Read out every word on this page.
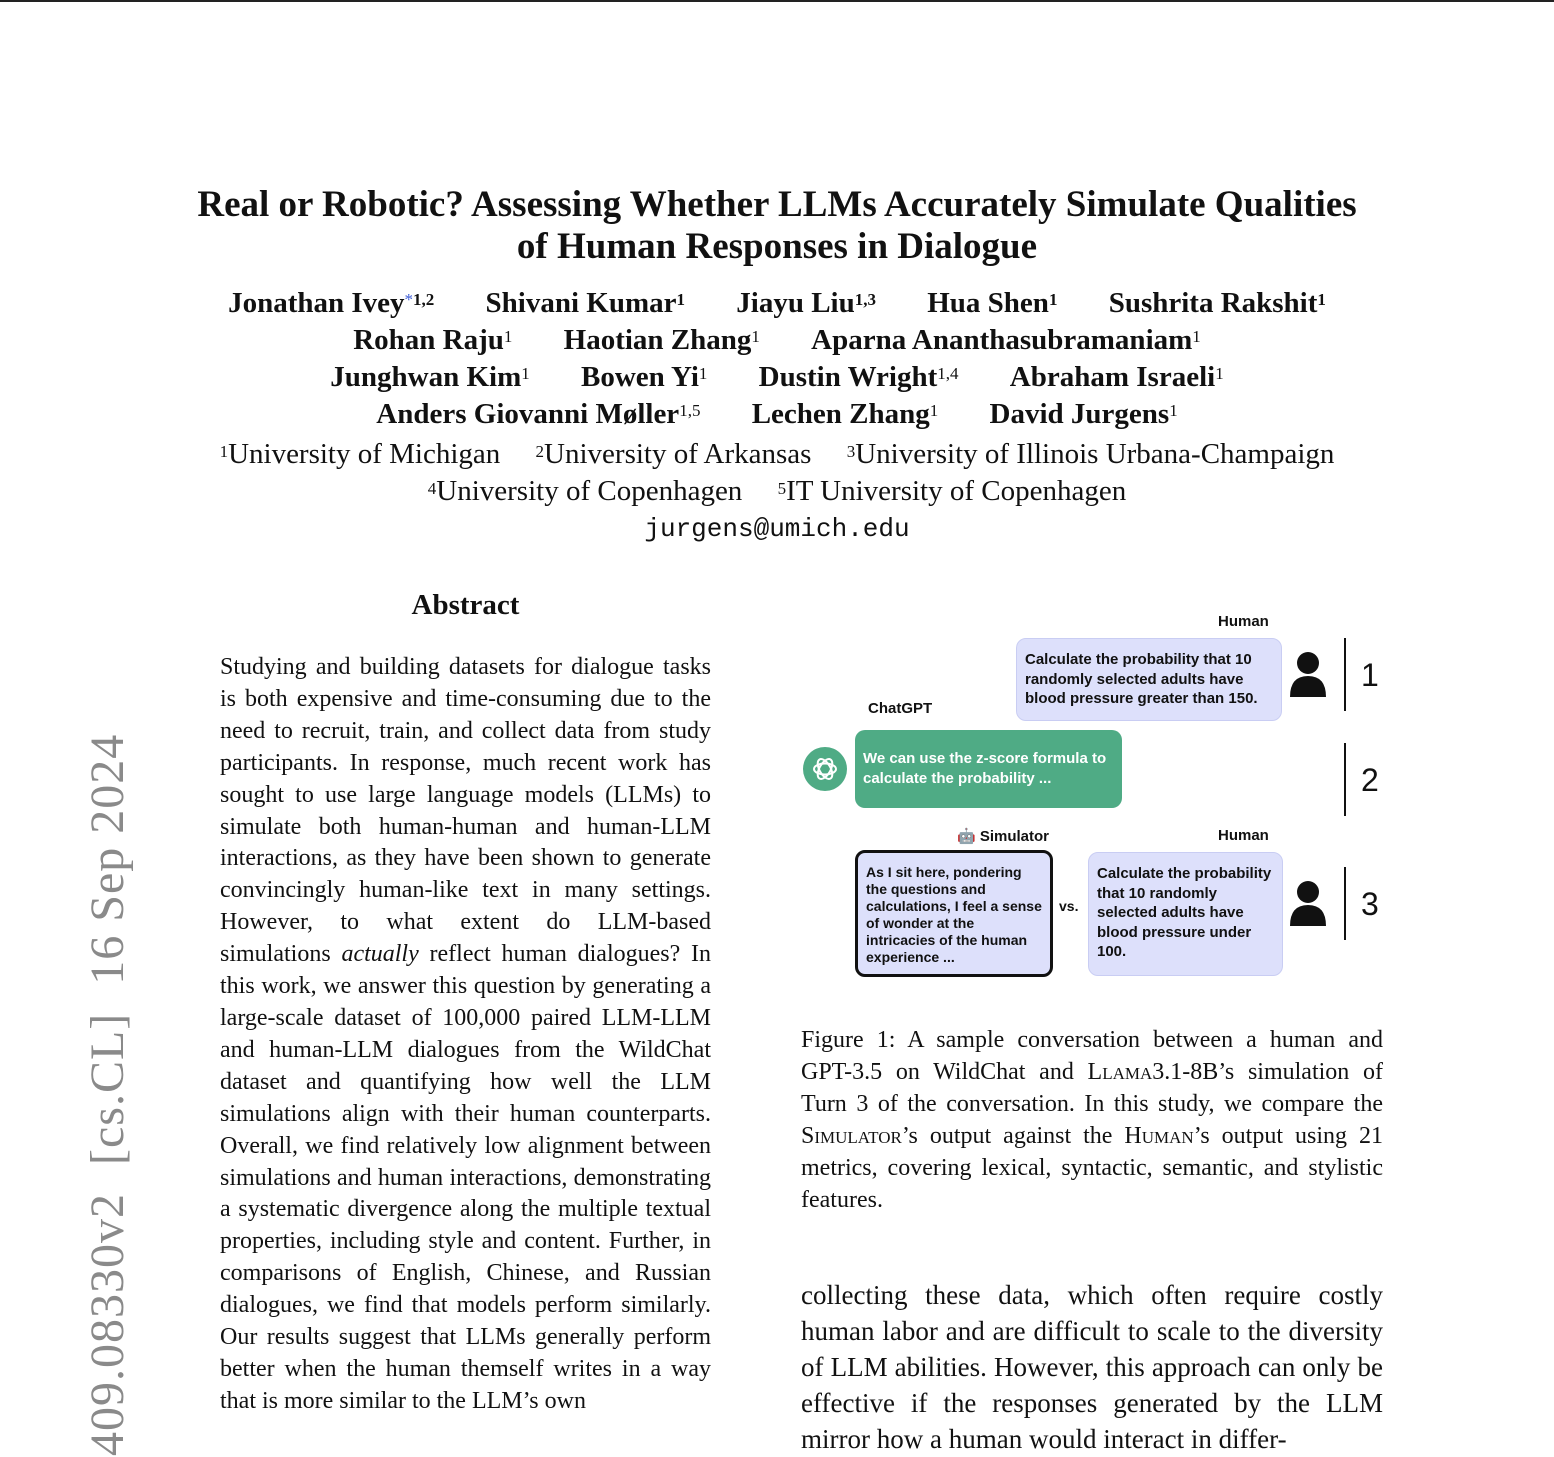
Real or Robotic? Assessing Whether LLMs Accurately Simulate Qualities
of Human Responses in Dialogue
Jonathan Ivey$^{*1,2}$ Shivani Kumar$^1$ Jiayu Liu$^{1,3}$ Hua Shen$^1$ Sushrita Rakshit$^1$
Rohan Raju$^1$ Haotian Zhang$^1$ Aparna Ananthasubramaniam$^1$
Junghwan Kim$^1$ Bowen Yi$^1$ Dustin Wright$^{1,4}$ Abraham Israeli$^1$
Anders Giovanni Møller$^{1,5}$ Lechen Zhang$^1$ David Jurgens$^1$
$^1$University of Michigan $^2$University of Arkansas $^3$University of Illinois Urbana-Champaign
$^4$University of Copenhagen $^5$IT University of Copenhagen
jurgens@umich.edu
409.08330v2[cs.CL]16 Sep 2024
Abstract
Studying and building datasets for dialogue tasks is both expensive and time-consuming due to the need to recruit, train, and collect data from study participants. In response, much recent work has sought to use large language models (LLMs) to simulate both human-human and human-LLM interactions, as they have been shown to generate convincingly human-like text in many settings. However, to what extent do LLM-based simulations actually reflect human dialogues? In this work, we answer this question by generating a large-scale dataset of 100,000 paired LLM-LLM and human-LLM dialogues from the WildChat dataset and quantifying how well the LLM simulations align with their human counterparts. Overall, we find relatively low alignment between simulations and human interactions, demonstrating a systematic divergence along the multiple textual properties, including style and content. Further, in comparisons of English, Chinese, and Russian dialogues, we find that models perform similarly. Our results suggest that LLMs generally perform better when the human themself writes in a way that is more similar to the LLM’s own
Human
Calculate the probability that 10 randomly selected adults have blood pressure greater than 150.
1
ChatGPT
We can use the z-score formula to calculate the probability ...	2
🤖 Simulator
As I sit here, pondering the questions and calculations, I feel a sense of wonder at the intricacies of the human experience ...
vs.
Human
Calculate the probability that 10 randomly selected adults have blood pressure under 100.
3
Figure 1: A sample conversation between a human and GPT-3.5 on WildChat and Llama3.1-8B’s simulation of Turn 3 of the conversation. In this study, we compare the Simulator’s output against the Human’s output using 21 metrics, covering lexical, syntactic, semantic, and stylistic features.
collecting these data, which often require costly human labor and are difficult to scale to the diversity of LLM abilities. However, this approach can only be effective if the responses generated by the LLM mirror how a human would interact in differ-
